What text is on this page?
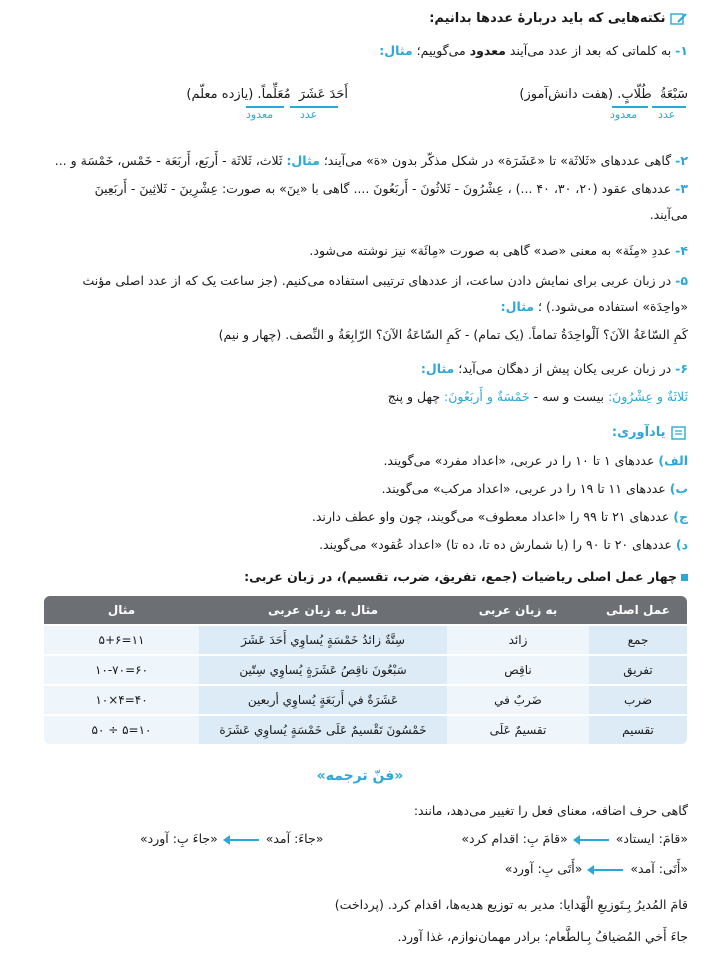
نکته‌هایی که باید دربارهٔ عددها بدانیم:
۱- به کلماتی که بعد از عدد می‌آیند معدود می‌گوییم؛ مثال:
أَحَدَ عَشَرَ  مُعَلِّماً. (یازده معلّم)
عدد
معدود
سَبْعَةُ  طُلّابٍ. (هفت دانش‌آموز)
عدد
معدود
۲- گاهی عددهای «ثَلاثَة» تا «عَشَرَة» در شکل مذکّر بدون «ة» می‌آیند؛ مثال: ثَلاث، ثَلاثَة - أَربَع، أَربَعَة - خَمْس، خَمْسَة و ...
۳- عددهای عقود (۲۰، ۳۰، ۴۰ ...) ، عِشْرُونَ - ثَلاثُونَ - أَربَعُونَ .... گاهی با «ینَ» به صورت: عِشْرِینَ - ثَلاثِینَ - أَربَعِینَ
می‌آیند.
۴- عددِ «مِئَة» به معنی «صد» گاهی به صورت «مِائَة» نیز نوشته می‌شود.
۵- در زبان عربی برای نمایش دادن ساعت، از عددهای ترتیبی استفاده می‌کنیم. (جز ساعت یک که از عدد اصلی مؤنث
«واحِدَة» استفاده می‌شود.) ؛ مثال:
کَمِ السّاعَةُ الآنَ؟ اَلْواحِدَةُ تماماً. (یک تمام) - کَمِ السّاعَةُ الآنَ؟ الرّابِعَةُ و النِّصف. (چهار و نیم)
۶- در زبان عربی یکان پیش از دهگان می‌آید؛ مثال:
ثَلاثَةٌ و عِشْرُونَ: بیست و سه - خَمْسَةٌ و أَربَعُونَ: چهل و پنج
یادآوری:
الف) عددهای ۱ تا ۱۰ را در عربی، «اعداد مفرد» می‌گویند.
ب) عددهای ۱۱ تا ۱۹ را در عربی، «اعداد مرکب» می‌گویند.
ج) عددهای ۲۱ تا ۹۹ را «اعداد معطوف» می‌گویند، چون واو عطف دارند.
د) عددهای ۲۰ تا ۹۰ را (با شمارش ده تا، ده تا) «اعداد عُقود» می‌گویند.
چهار عمل اصلی ریاضیات (جمع، تفریق، ضرب، تقسیم)، در زبان عربی:
عمل اصلی	به زبان عربی	مثال به زبان عربی	مثال
جمع	زائد	سِتَّةٌ زائدُ خَمْسَةٍ يُساوِي أَحَدَ عَشَرَ	۱۱=۵+۶
تفریق	ناقِص	سَبْعُونَ ناقِصُ عَشَرَةٍ يُساوِي سِتّين	۶۰=۱۰-۷۰
ضرب	ضَربٌ في	عَشَرَةٌ في أَربَعَةٍ يُساوِي أربعين	۴۰=۴×۱۰
تقسیم	تقسيمٌ عَلَى	خَمْسُونَ تَقْسيمٌ عَلَى خَمْسَةٍ يُساوِي عَشَرَة	۱۰=۵ ÷ ۵۰
«فنّ ترجمه»
گاهی حرف اضافه، معنای فعل را تغییر می‌دهد، مانند:
«قامَ: ایستاد»  «قامَ بِ: اقدام کرد»
«جاءَ: آمد»  «جاءَ بِ: آورد»
«أَتَى: آمد»  «أَتَى بِ: آورد»
قامَ المُديرُ بِـتَوزيعِ الْهَدايا: مدیر به توزیع هدیه‌ها، اقدام کرد. (پرداخت)
جاءَ أَخي المُضيافُ بِـالطَّعام: برادر مهمان‌نوازم، غذا آورد.
